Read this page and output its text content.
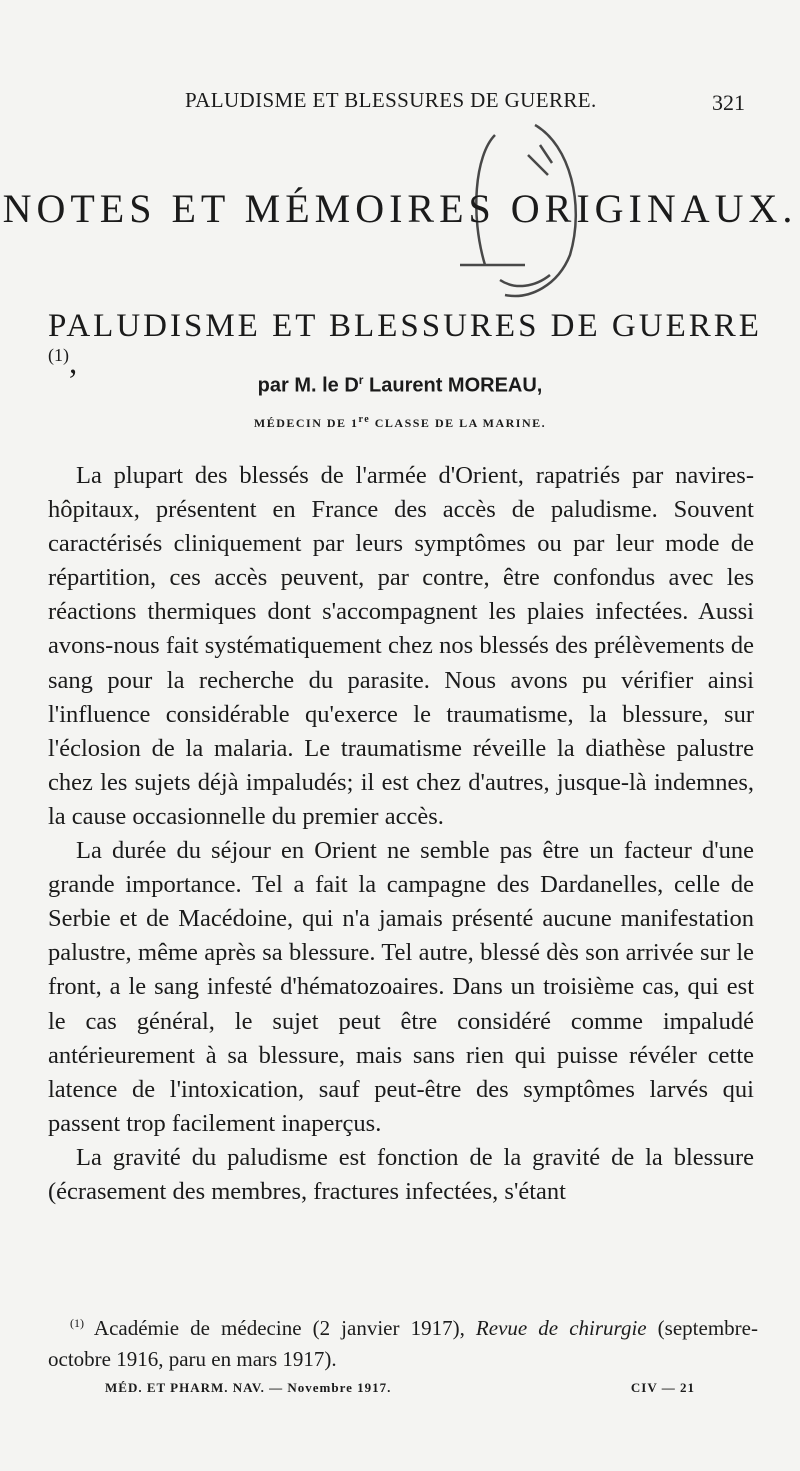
PALUDISME ET BLESSURES DE GUERRE.	321
NOTES ET MÉMOIRES ORIGINAUX.
PALUDISME ET BLESSURES DE GUERRE $^{(1)}$,
par M. le $D^r$ Laurent MOREAU,
MÉDECIN DE 1re CLASSE DE LA MARINE.

La plupart des blessés de l'armée d'Orient, rapatriés par navires-hôpitaux, présentent en France des accès de paludisme. Souvent caractérisés cliniquement par leurs symptômes ou par leur mode de répartition, ces accès peuvent, par contre, être confondus avec les réactions thermiques dont s'accompagnent les plaies infectées. Aussi avons-nous fait systématiquement chez nos blessés des prélèvements de sang pour la recherche du parasite. Nous avons pu vérifier ainsi l'influence considérable qu'exerce le traumatisme, la blessure, sur l'éclosion de la malaria. Le traumatisme réveille la diathèse palustre chez les sujets déjà impaludés; il est chez d'autres, jusque-là indemnes, la cause occasionnelle du premier accès.

La durée du séjour en Orient ne semble pas être un facteur d'une grande importance. Tel a fait la campagne des Dardanelles, celle de Serbie et de Macédoine, qui n'a jamais présenté aucune manifestation palustre, même après sa blessure. Tel autre, blessé dès son arrivée sur le front, a le sang infesté d'hématozoaires. Dans un troisième cas, qui est le cas général, le sujet peut être considéré comme impaludé antérieurement à sa blessure, mais sans rien qui puisse révéler cette latence de l'intoxication, sauf peut-être des symptômes larvés qui passent trop facilement inaperçus.

La gravité du paludisme est fonction de la gravité de la blessure (écrasement des membres, fractures infectées, s'étant

$^{(1)}$ Académie de médecine (2 janvier 1917), Revue de chirurgie (septembre-octobre 1916, paru en mars 1917).
MÉD. ET PHARM. NAV. — Novembre 1917.	CIV — 21
